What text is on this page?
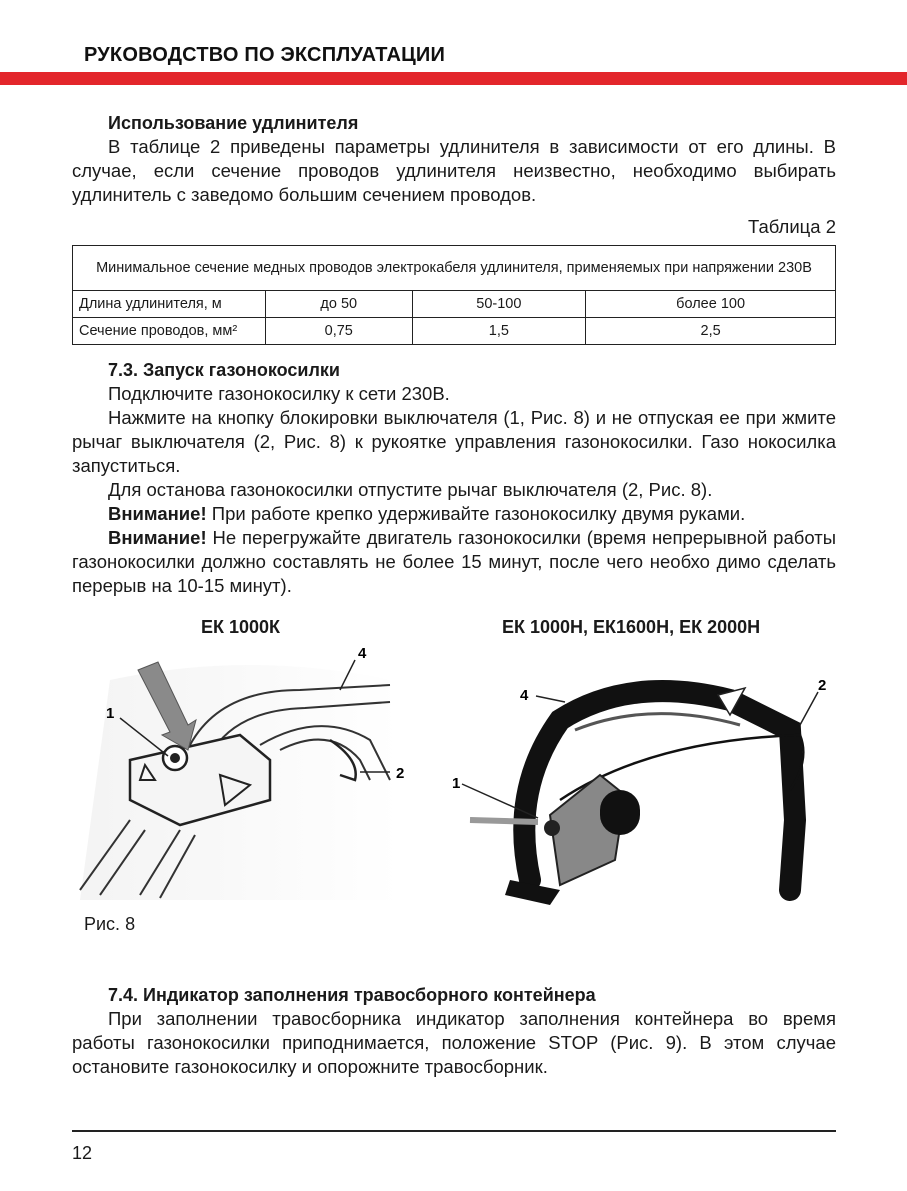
РУКОВОДСТВО ПО ЭКСПЛУАТАЦИИ
Использование удлинителя

В таблице 2 приведены параметры удлинителя в зависимости от его длины. В случае, если сечение проводов удлинителя неизвестно, необходимо выбирать удлинитель с заведомо большим сечением проводов.

Таблица 2
Минимальное сечение медных проводов электрокабеля удлинителя, применяемых при напряжении 230В			
Длина удлинителя, м	до 50	50-100	более 100
Сечение проводов, мм²	0,75	1,5	2,5
7.3. Запуск газонокосилки

Подключите газонокосилку к сети 230В.

Нажмите на кнопку блокировки выключателя (1, Рис. 8) и не отпуская ее при жмите рычаг выключателя (2, Рис. 8) к рукоятке управления газонокосилки. Газо нокосилка запуститься.

Для останова газонокосилки отпустите рычаг выключателя (2, Рис. 8).

Внимание! При работе крепко удерживайте газонокосилку двумя руками.

Внимание! Не перегружайте двигатель газонокосилки (время непрерывной работы газонокосилки должно составлять не более 15 минут, после чего необхо димо сделать перерыв на 10-15 минут).

ЕК 1000К	ЕК 1000Н, ЕК1600Н, ЕК 2000Н
1
2
4
1
2
4
Рис. 8
7.4. Индикатор заполнения травосборного контейнера

При заполнении травосборника индикатор заполнения контейнера во время работы газонокосилки приподнимается, положение STOP (Рис. 9). В этом случае остановите газонокосилку и опорожните травосборник.

12
